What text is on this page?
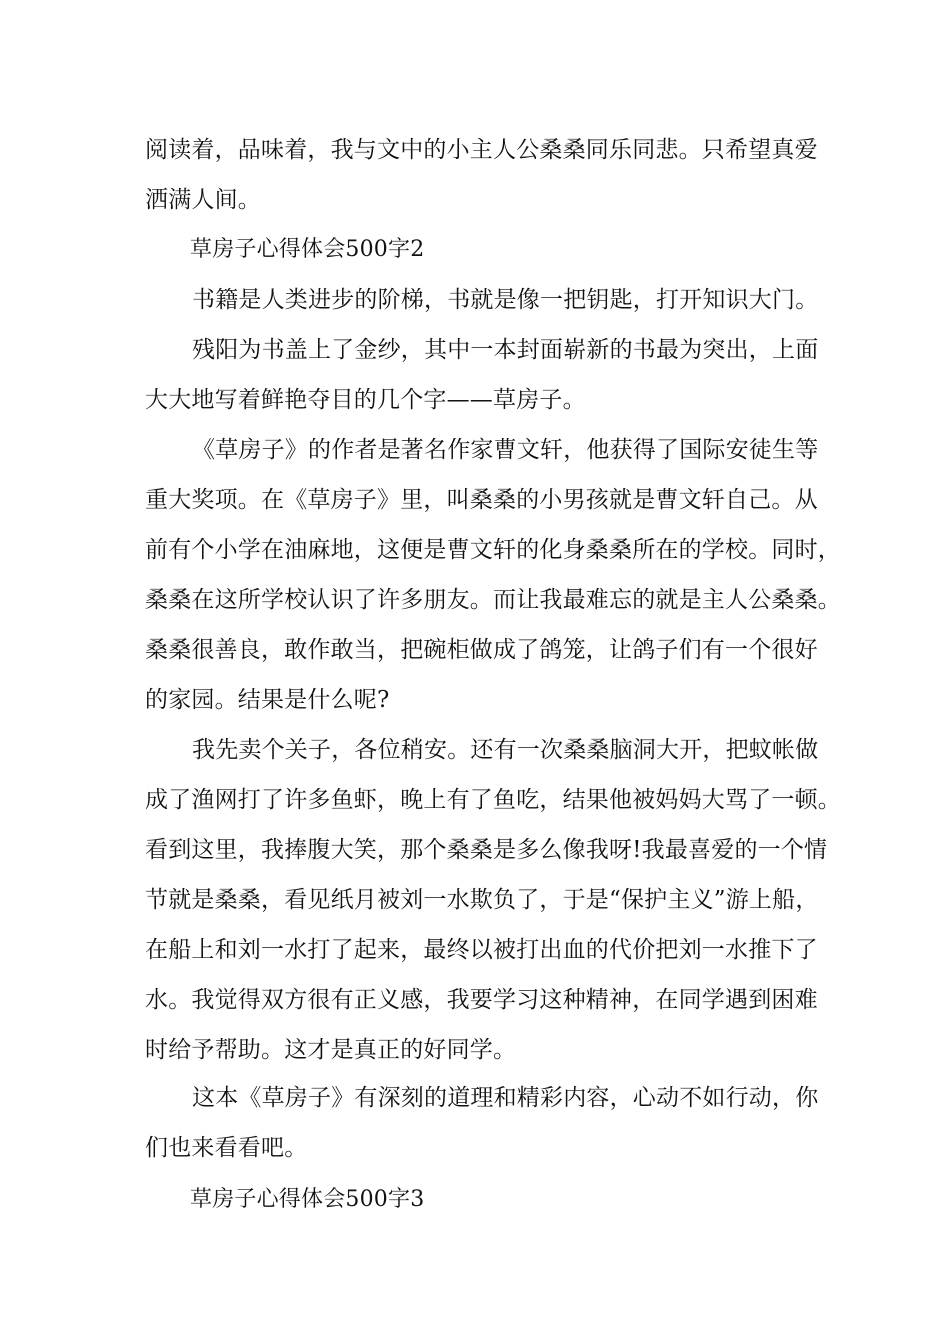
阅读着，品味着，我与文中的小主人公桑桑同乐同悲。只希望真爱
洒满人间。
草房子心得体会500字2
书籍是人类进步的阶梯，书就是像一把钥匙，打开知识大门。
残阳为书盖上了金纱，其中一本封面崭新的书最为突出，上面
大大地写着鲜艳夺目的几个字——草房子。
《草房子》的作者是著名作家曹文轩，他获得了国际安徒生等
重大奖项。在《草房子》里，叫桑桑的小男孩就是曹文轩自己。从
前有个小学在油麻地，这便是曹文轩的化身桑桑所在的学校。同时，
桑桑在这所学校认识了许多朋友。而让我最难忘的就是主人公桑桑。
桑桑很善良，敢作敢当，把碗柜做成了鸽笼，让鸽子们有一个很好
的家园。结果是什么呢?
我先卖个关子，各位稍安。还有一次桑桑脑洞大开，把蚊帐做
成了渔网打了许多鱼虾，晚上有了鱼吃，结果他被妈妈大骂了一顿。
看到这里，我捧腹大笑，那个桑桑是多么像我呀!我最喜爱的一个情
节就是桑桑，看见纸月被刘一水欺负了，于是“保护主义”游上船，
在船上和刘一水打了起来，最终以被打出血的代价把刘一水推下了
水。我觉得双方很有正义感，我要学习这种精神，在同学遇到困难
时给予帮助。这才是真正的好同学。
这本《草房子》有深刻的道理和精彩内容，心动不如行动，你
们也来看看吧。
草房子心得体会500字3
